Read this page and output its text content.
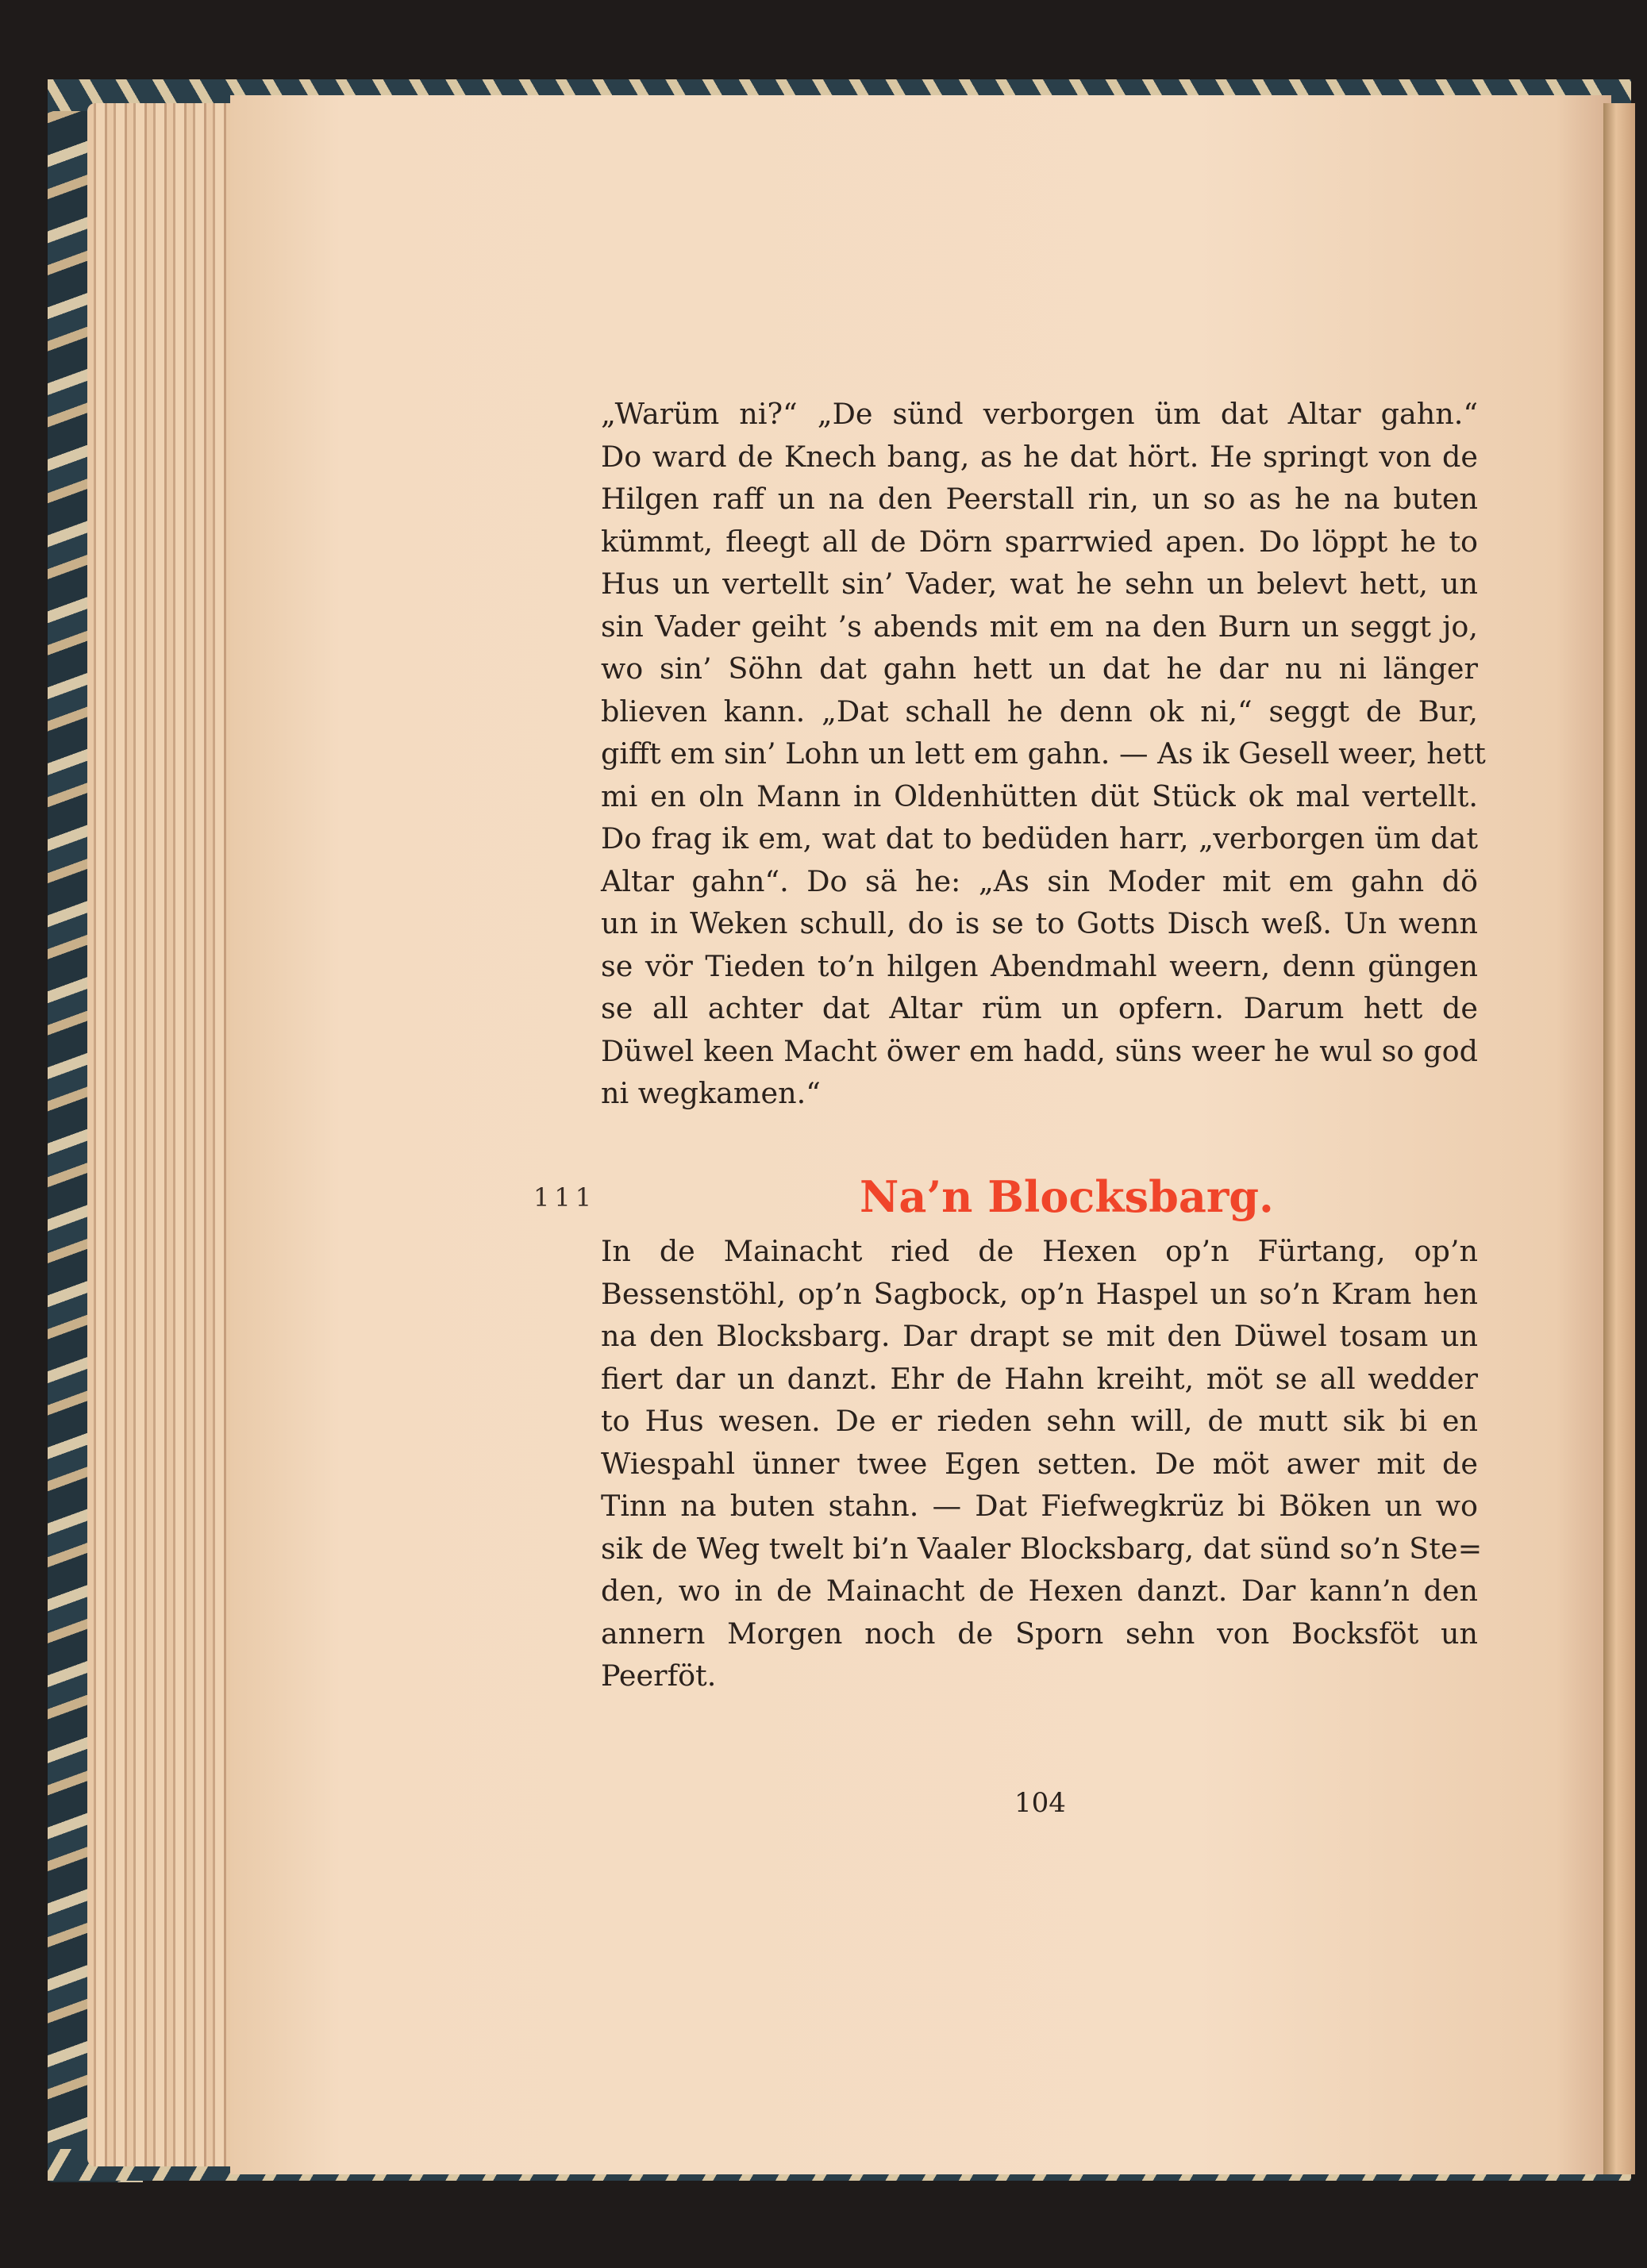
„Warüm ni?“ „De sünd verborgen üm dat Altar gahn.“
Do ward de Knech bang, as he dat hört. He springt von de
Hilgen raff un na den Peerstall rin, un so as he na buten
kümmt, fleegt all de Dörn sparrwied apen. Do löppt he to
Hus un vertellt sin’ Vader, wat he sehn un belevt hett, un
sin Vader geiht ’s abends mit em na den Burn un seggt jo,
wo sin’ Söhn dat gahn hett un dat he dar nu ni länger
blieven kann. „Dat schall he denn ok ni,“ seggt de Bur,
gifft em sin’ Lohn un lett em gahn. — As ik Gesell weer, hett
mi en oln Mann in Oldenhütten düt Stück ok mal vertellt.
Do frag ik em, wat dat to bedüden harr, „verborgen üm dat
Altar gahn“. Do sä he: „As sin Moder mit em gahn dö
un in Weken schull, do is se to Gotts Disch weß. Un wenn
se vör Tieden to’n hilgen Abendmahl weern, denn güngen
se all achter dat Altar rüm un opfern. Darum hett de
Düwel keen Macht öwer em hadd, süns weer he wul so god
ni wegkamen.“
111	Na’n Blocksbarg.
In de Mainacht ried de Hexen op’n Fürtang, op’n
Bessenstöhl, op’n Sagbock, op’n Haspel un so’n Kram hen
na den Blocksbarg. Dar drapt se mit den Düwel tosam un
fiert dar un danzt. Ehr de Hahn kreiht, möt se all wedder
to Hus wesen. De er rieden sehn will, de mutt sik bi en
Wiespahl ünner twee Egen setten. De möt awer mit de
Tinn na buten stahn. — Dat Fiefwegkrüz bi Böken un wo
sik de Weg twelt bi’n Vaaler Blocksbarg, dat sünd so’n Ste=
den, wo in de Mainacht de Hexen danzt. Dar kann’n den
annern Morgen noch de Sporn sehn von Bocksföt un
Peerföt.
104
